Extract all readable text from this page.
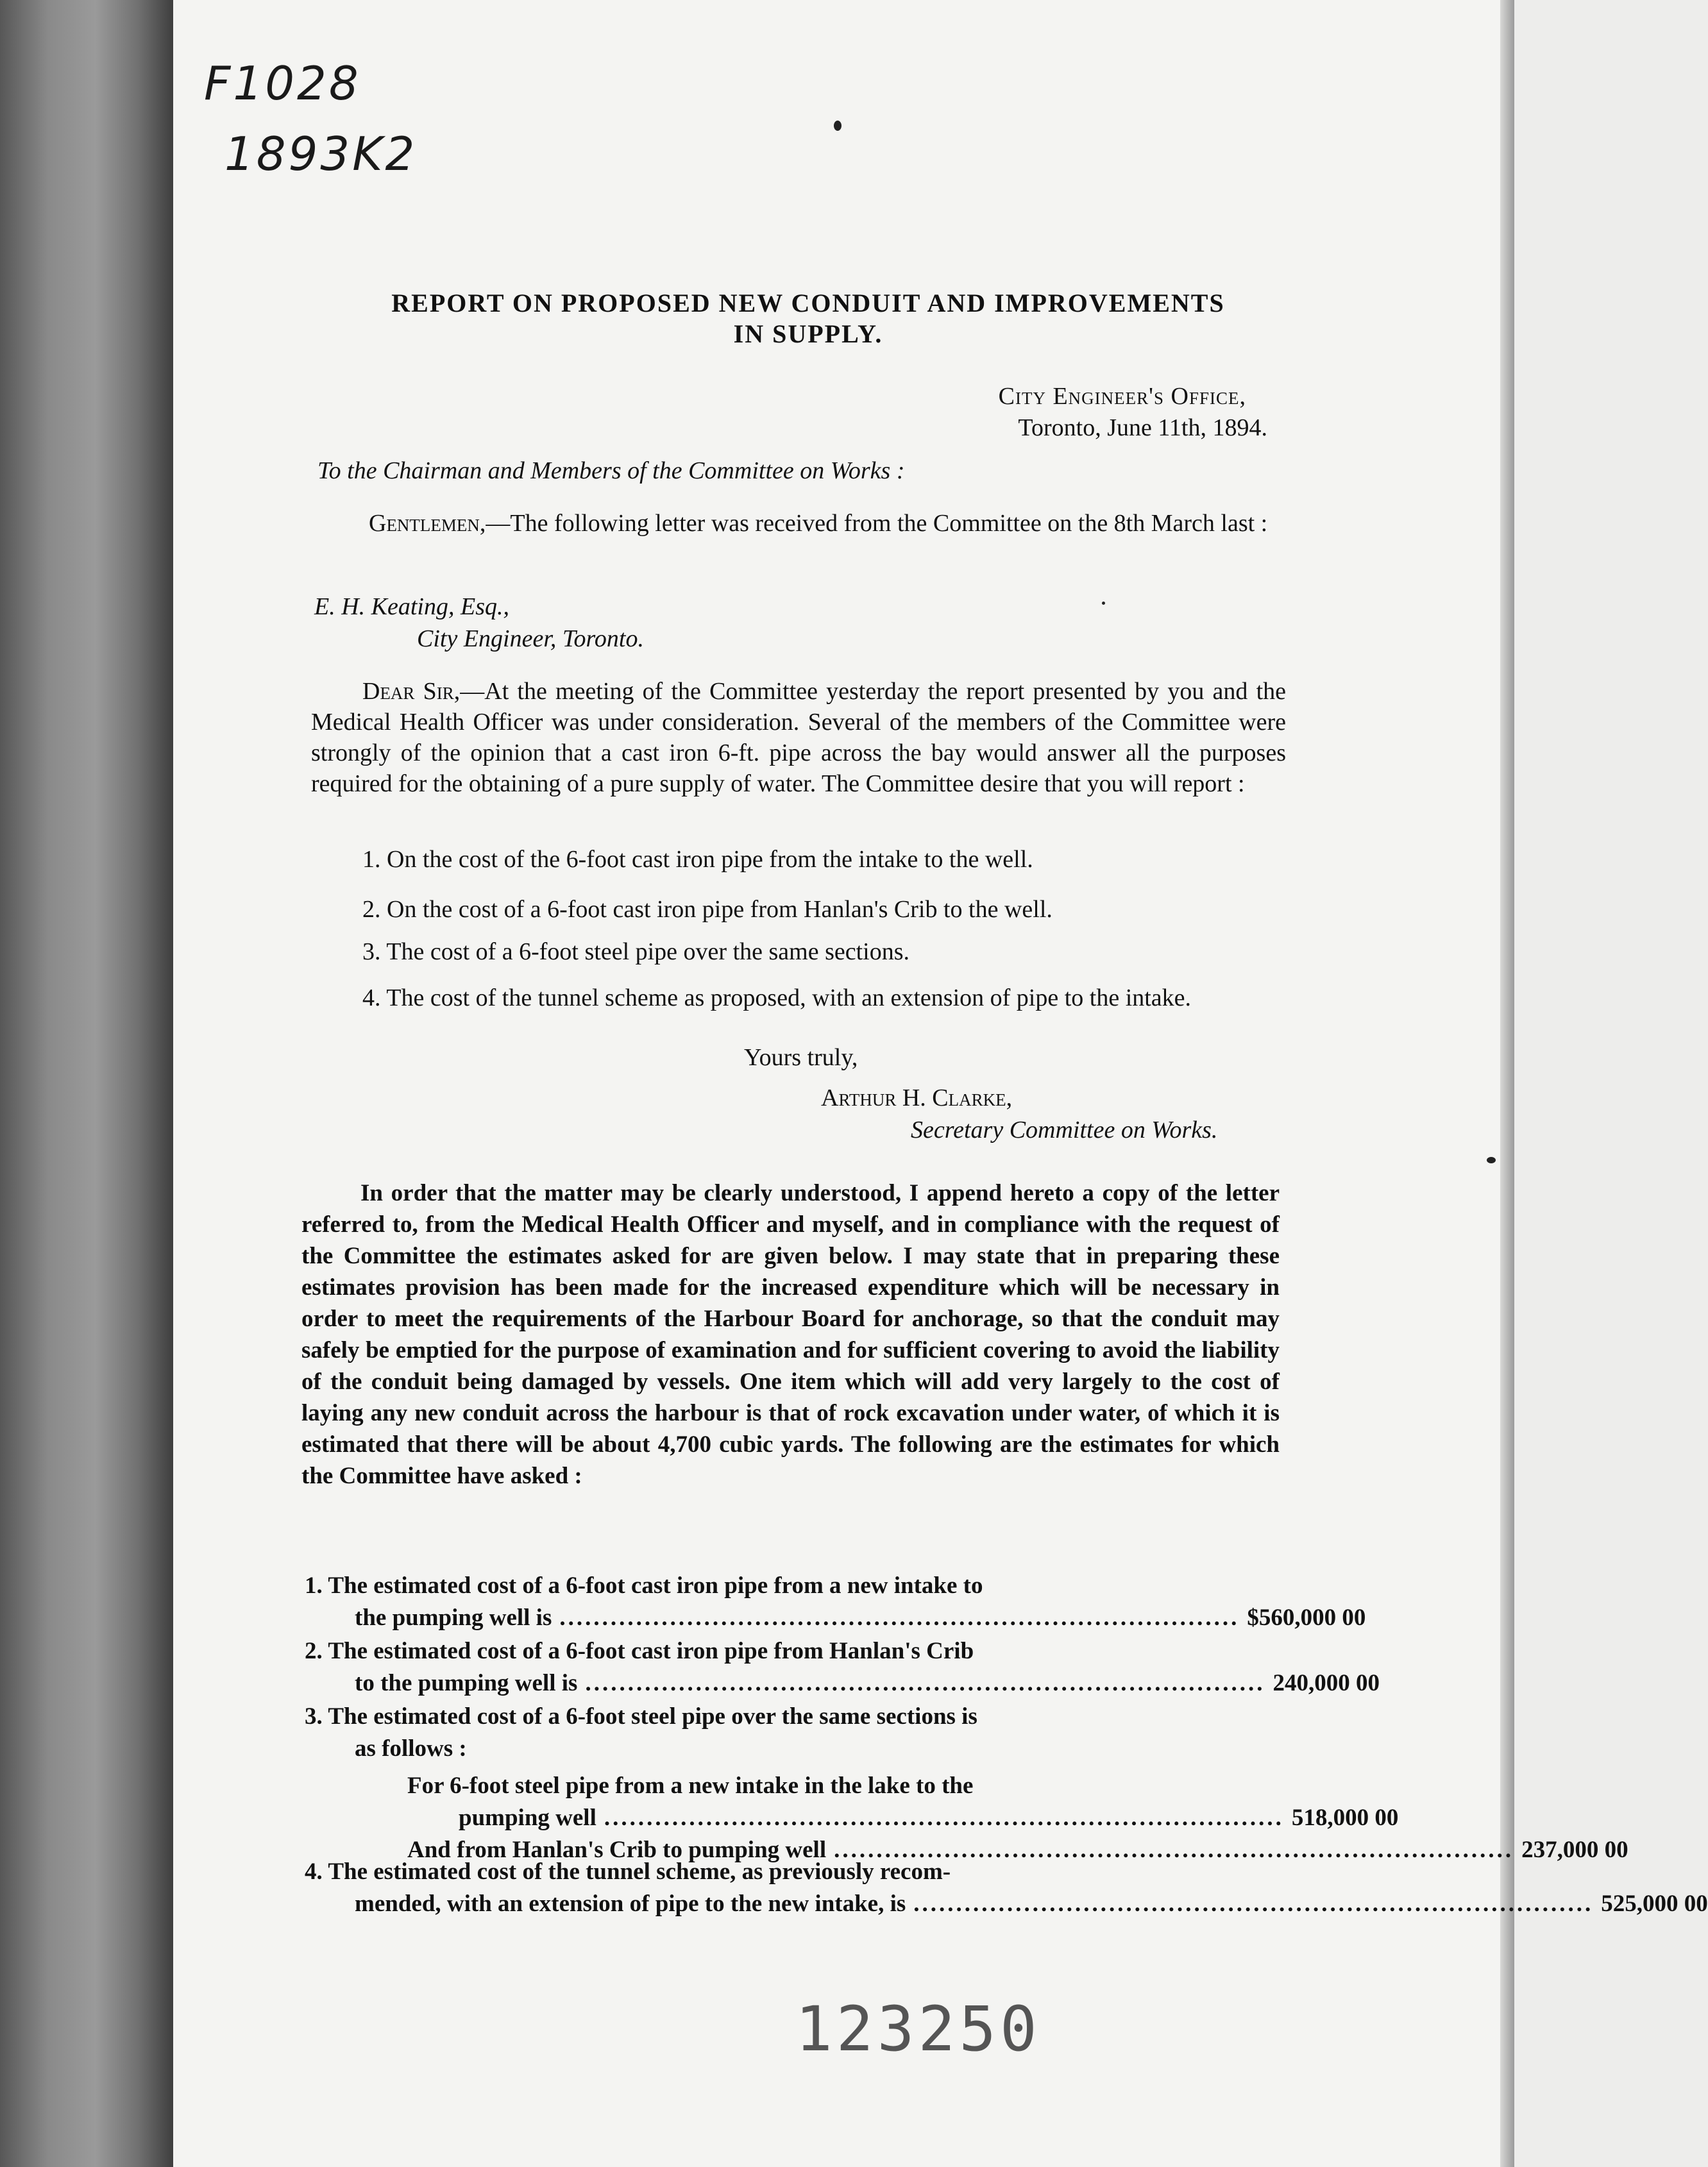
F1028
1893K2
REPORT ON PROPOSED NEW CONDUIT AND IMPROVEMENTS
IN SUPPLY.
City Engineer's Office,
Toronto, June 11th, 1894.
To the Chairman and Members of the Committee on Works :
Gentlemen,—The following letter was received from the Committee on the 8th March last :
E. H. Keating, Esq.,
City Engineer, Toronto.
Dear Sir,—At the meeting of the Committee yesterday the report presented by you and the Medical Health Officer was under consideration. Several of the members of the Committee were strongly of the opinion that a cast iron 6-ft. pipe across the bay would answer all the purposes required for the obtaining of a pure supply of water. The Committee desire that you will report :
1. On the cost of the 6-foot cast iron pipe from the intake to the well.
2. On the cost of a 6-foot cast iron pipe from Hanlan's Crib to the well.
3. The cost of a 6-foot steel pipe over the same sections.
4. The cost of the tunnel scheme as proposed, with an extension of pipe to the intake.
Yours truly,
Arthur H. Clarke,
Secretary Committee on Works.
In order that the matter may be clearly understood, I append hereto a copy of the letter referred to, from the Medical Health Officer and myself, and in compliance with the request of the Committee the estimates asked for are given below. I may state that in preparing these estimates provision has been made for the increased expenditure which will be necessary in order to meet the requirements of the Harbour Board for anchorage, so that the conduit may safely be emptied for the purpose of examination and for sufficient covering to avoid the liability of the conduit being damaged by vessels. One item which will add very largely to the cost of laying any new conduit across the harbour is that of rock excavation under water, of which it is estimated that there will be about 4,700 cubic yards. The following are the estimates for which the Committee have asked :
1. The estimated cost of a 6-foot cast iron pipe from a new intake to
the pumping well is ................................................................................ $560,000 00
2. The estimated cost of a 6-foot cast iron pipe from Hanlan's Crib
to the pumping well is ................................................................................ 240,000 00
3. The estimated cost of a 6-foot steel pipe over the same sections is
as follows :
For 6-foot steel pipe from a new intake in the lake to the
pumping well ................................................................................ 518,000 00
And from Hanlan's Crib to pumping well ................................................................................ 237,000 00
4. The estimated cost of the tunnel scheme, as previously recom-
mended, with an extension of pipe to the new intake, is ................................................................................ 525,000 00
123250
